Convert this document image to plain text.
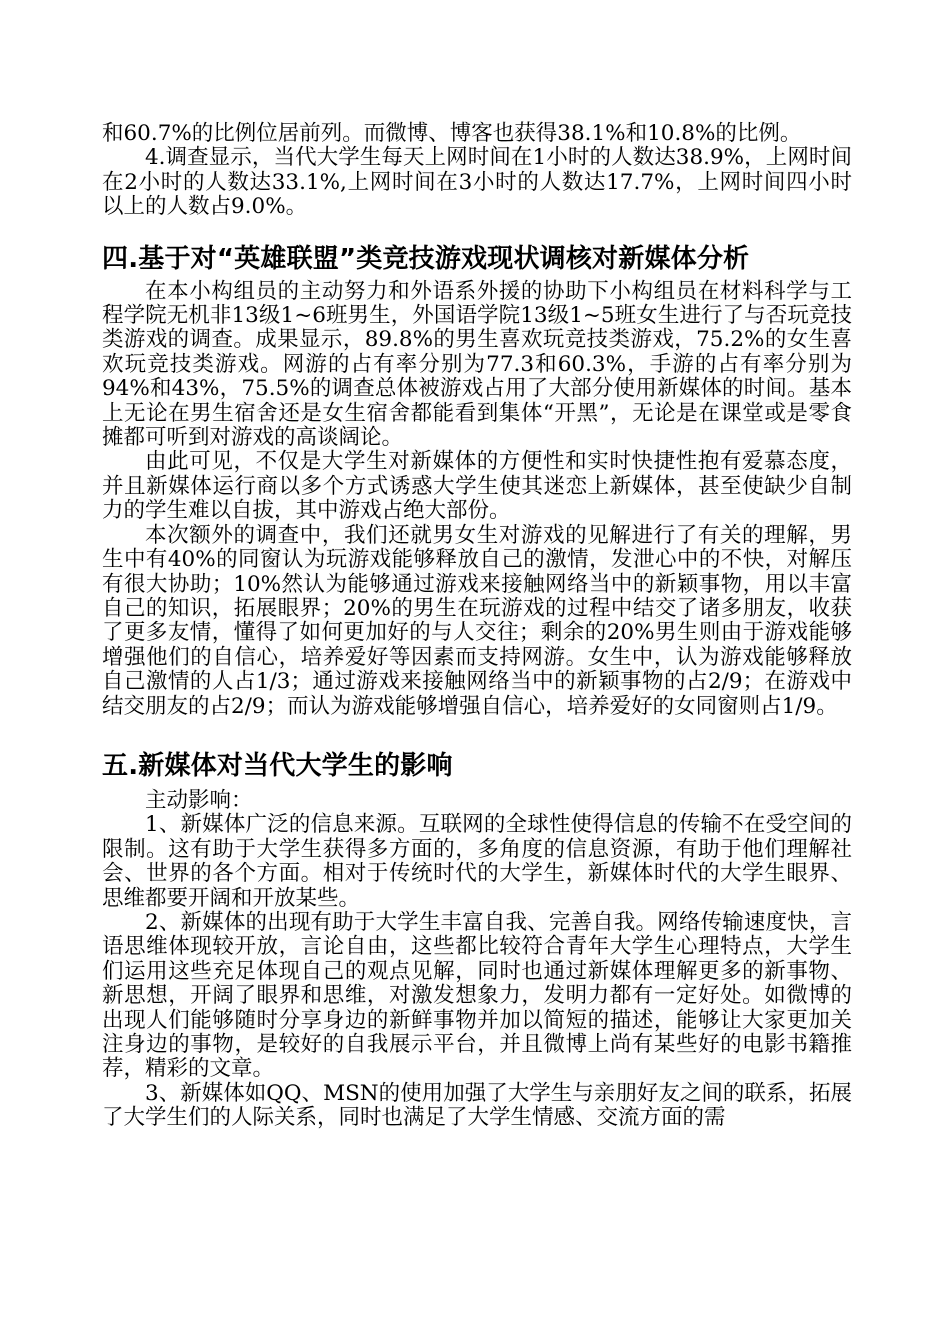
和60.7%的比例位居前列。而微博、博客也获得38.1%和10.8%的比例。

4.调查显示，当代大学生每天上网时间在1小时的人数达38.9%，上网时间在2小时的人数达33.1%,上网时间在3小时的人数达17.7%，上网时间四小时以上的人数占9.0%。

四.基于对“英雄联盟”类竞技游戏现状调核对新媒体分析

在本小构组员的主动努力和外语系外援的协助下小构组员在材料科学与工程学院无机非13级1~6班男生，外国语学院13级1~5班女生进行了与否玩竞技类游戏的调查。成果显示，89.8%的男生喜欢玩竞技类游戏，75.2%的女生喜欢玩竞技类游戏。网游的占有率分别为77.3和60.3%，手游的占有率分别为94%和43%，75.5%的调查总体被游戏占用了大部分使用新媒体的时间。基本上无论在男生宿舍还是女生宿舍都能看到集体“开黑”，无论是在课堂或是零食摊都可听到对游戏的高谈阔论。

由此可见，不仅是大学生对新媒体的方便性和实时快捷性抱有爱慕态度，并且新媒体运行商以多个方式诱惑大学生使其迷恋上新媒体，甚至使缺少自制力的学生难以自拔，其中游戏占绝大部份。

本次额外的调查中，我们还就男女生对游戏的见解进行了有关的理解，男生中有40%的同窗认为玩游戏能够释放自己的激情，发泄心中的不快，对解压有很大协助；10%然认为能够通过游戏来接触网络当中的新颖事物，用以丰富自己的知识，拓展眼界；20%的男生在玩游戏的过程中结交了诸多朋友，收获了更多友情，懂得了如何更加好的与人交往；剩余的20%男生则由于游戏能够增强他们的自信心，培养爱好等因素而支持网游。女生中，认为游戏能够释放自己激情的人占1/3；通过游戏来接触网络当中的新颖事物的占2/9；在游戏中结交朋友的占2/9；而认为游戏能够增强自信心，培养爱好的女同窗则占1/9。

五.新媒体对当代大学生的影响

主动影响：

1、新媒体广泛的信息来源。互联网的全球性使得信息的传输不在受空间的限制。这有助于大学生获得多方面的，多角度的信息资源，有助于他们理解社会、世界的各个方面。相对于传统时代的大学生，新媒体时代的大学生眼界、思维都要开阔和开放某些。

2、新媒体的出现有助于大学生丰富自我、完善自我。网络传输速度快，言语思维体现较开放，言论自由，这些都比较符合青年大学生心理特点，大学生们运用这些充足体现自己的观点见解，同时也通过新媒体理解更多的新事物、新思想，开阔了眼界和思维，对激发想象力，发明力都有一定好处。如微博的出现人们能够随时分享身边的新鲜事物并加以简短的描述，能够让大家更加关注身边的事物，是较好的自我展示平台，并且微博上尚有某些好的电影书籍推荐，精彩的文章。

3、新媒体如QQ、MSN的使用加强了大学生与亲朋好友之间的联系，拓展了大学生们的人际关系，同时也满足了大学生情感、交流方面的需
